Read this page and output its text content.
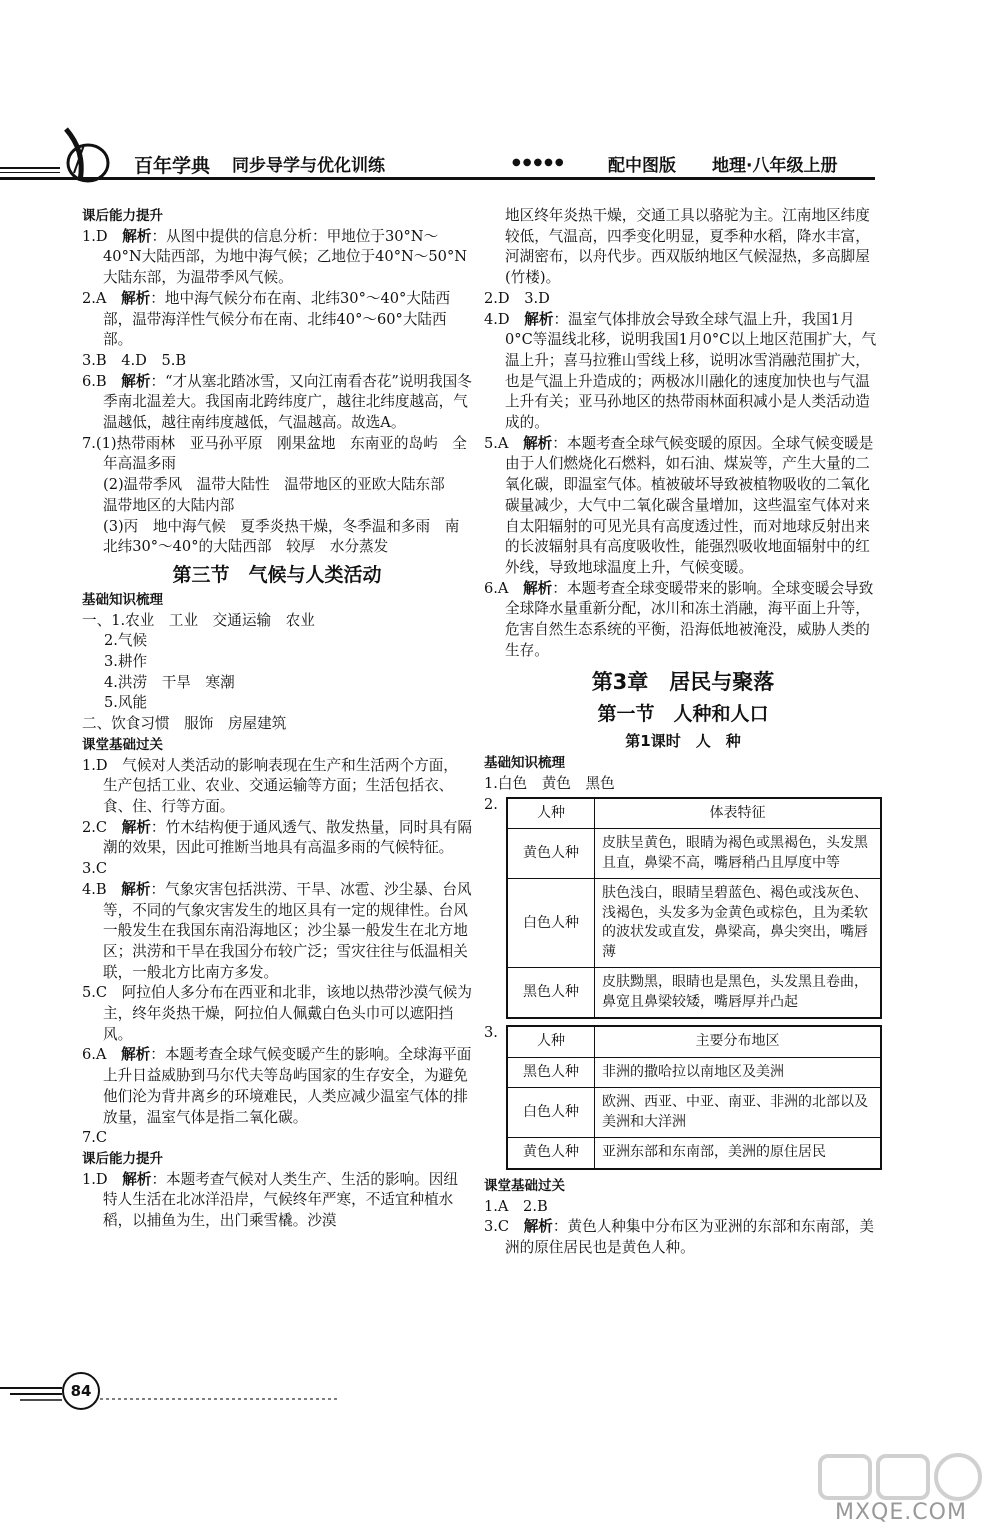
百年学典 同步导学与优化训练	●●●●● 配中图版 地理·八年级上册
课后能力提升
1.D　 解析：从图中提供的信息分析：甲地位于30°N～40°N大陆西部，为地中海气候；乙地位于40°N～50°N大陆东部，为温带季风气候。
2.A　 解析：地中海气候分布在南、北纬30°～40°大陆西部，温带海洋性气候分布在南、北纬40°～60°大陆西部。
3.B　4.D　5.B
6.B　 解析：“才从塞北踏冰雪，又向江南看杏花”说明我国冬季南北温差大。我国南北跨纬度广，越往北纬度越高，气温越低，越往南纬度越低，气温越高。故选A。
7.(1)热带雨林　亚马孙平原　刚果盆地　东南亚的岛屿　全年高温多雨
(2)温带季风　温带大陆性　温带地区的亚欧大陆东部　温带地区的大陆内部
(3)丙　地中海气候　夏季炎热干燥，冬季温和多雨　南北纬30°～40°的大陆西部　较厚　水分蒸发
第三节　气候与人类活动
基础知识梳理
一、1.农业　工业　交通运输　农业
2.气候
3.耕作
4.洪涝　干旱　寒潮
5.风能
二、饮食习惯　服饰　房屋建筑
课堂基础过关
1.D　 气候对人类活动的影响表现在生产和生活两个方面，生产包括工业、农业、交通运输等方面；生活包括衣、食、住、行等方面。
2.C　 解析：竹木结构便于通风透气、散发热量，同时具有隔潮的效果，因此可推断当地具有高温多雨的气候特征。
3.C
4.B　 解析：气象灾害包括洪涝、干旱、冰雹、沙尘暴、台风等，不同的气象灾害发生的地区具有一定的规律性。台风一般发生在我国东南沿海地区；沙尘暴一般发生在北方地区；洪涝和干旱在我国分布较广泛；雪灾往往与低温相关联，一般北方比南方多发。
5.C　 阿拉伯人多分布在西亚和北非，该地以热带沙漠气候为主，终年炎热干燥，阿拉伯人佩戴白色头巾可以遮阳挡风。
6.A　 解析：本题考查全球气候变暖产生的影响。全球海平面上升日益威胁到马尔代夫等岛屿国家的生存安全，为避免他们沦为背井离乡的环境难民，人类应减少温室气体的排放量，温室气体是指二氧化碳。
7.C
课后能力提升
1.D　 解析：本题考查气候对人类生产、生活的影响。因纽特人生活在北冰洋沿岸，气候终年严寒，不适宜种植水稻，以捕鱼为生，出门乘雪橇。沙漠
地区终年炎热干燥，交通工具以骆驼为主。江南地区纬度较低，气温高，四季变化明显，夏季种水稻，降水丰富，河湖密布，以舟代步。西双版纳地区气候湿热，多高脚屋(竹楼)。
2.D　3.D
4.D　 解析：温室气体排放会导致全球气温上升，我国1月0°C等温线北移，说明我国1月0°C以上地区范围扩大，气温上升；喜马拉雅山雪线上移，说明冰雪消融范围扩大，也是气温上升造成的；两极冰川融化的速度加快也与气温上升有关；亚马孙地区的热带雨林面积减小是人类活动造成的。
5.A　 解析：本题考查全球气候变暖的原因。全球气候变暖是由于人们燃烧化石燃料，如石油、煤炭等，产生大量的二氧化碳，即温室气体。植被破坏导致被植物吸收的二氧化碳量减少，大气中二氧化碳含量增加，这些温室气体对来自太阳辐射的可见光具有高度透过性，而对地球反射出来的长波辐射具有高度吸收性，能强烈吸收地面辐射中的红外线，导致地球温度上升，气候变暖。
6.A　 解析：本题考查全球变暖带来的影响。全球变暖会导致全球降水量重新分配，冰川和冻土消融，海平面上升等，危害自然生态系统的平衡，沿海低地被淹没，威胁人类的生存。
第3章　居民与聚落
第一节　人种和人口
第1课时　人　种
基础知识梳理
1.白色　黄色　黑色
2.	人种	体表特征
黄色人种	皮肤呈黄色，眼睛为褐色或黑褐色，头发黑且直，鼻梁不高，嘴唇稍凸且厚度中等
白色人种	肤色浅白，眼睛呈碧蓝色、褐色或浅灰色、浅褐色，头发多为金黄色或棕色，且为柔软的波状发或直发，鼻梁高，鼻尖突出，嘴唇薄
黑色人种	皮肤黝黑，眼睛也是黑色，头发黑且卷曲，鼻宽且鼻梁较矮，嘴唇厚并凸起
3.	人种	主要分布地区
黑色人种	非洲的撒哈拉以南地区及美洲
白色人种	欧洲、西亚、中亚、南亚、非洲的北部以及美洲和大洋洲
黄色人种	亚洲东部和东南部，美洲的原住居民
课堂基础过关
1.A　2.B
3.C　 解析：黄色人种集中分布区为亚洲的东部和东南部，美洲的原住居民也是黄色人种。
84
MXQE.COM
